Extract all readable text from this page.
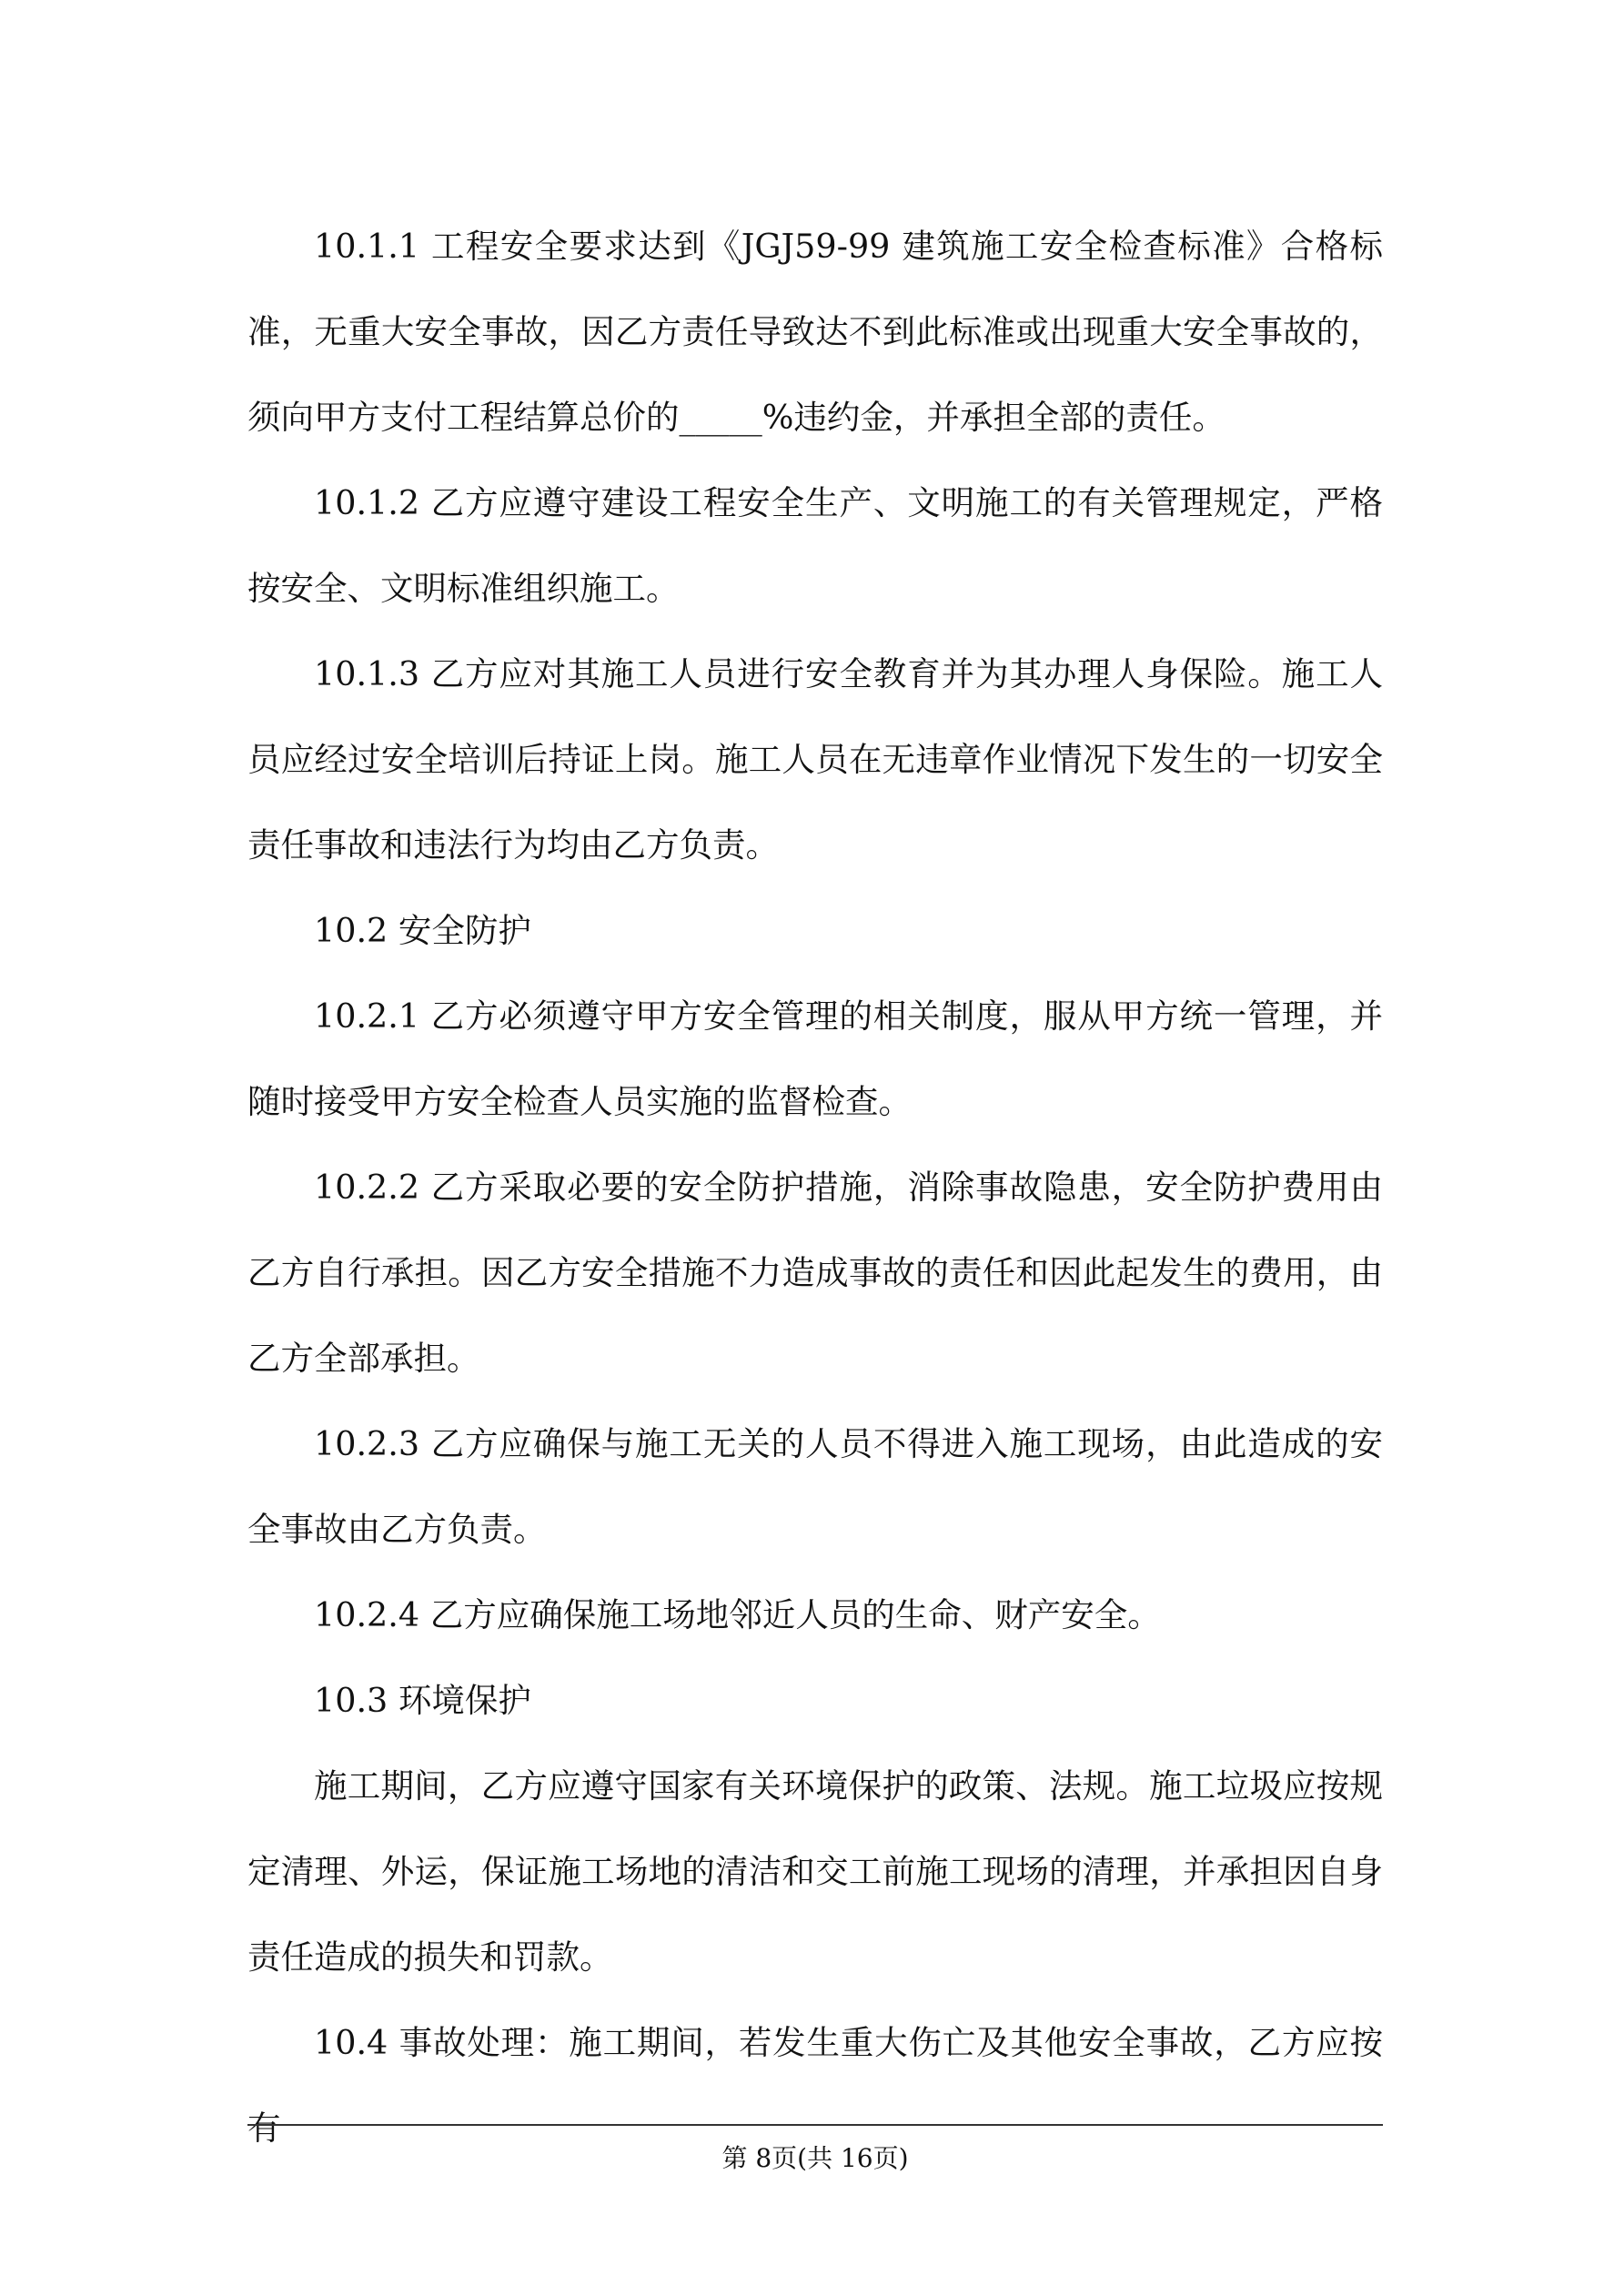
10.1.1 工程安全要求达到《JGJ59-99 建筑施工安全检查标准》合格标准，无重大安全事故，因乙方责任导致达不到此标准或出现重大安全事故的，须向甲方支付工程结算总价的_____%违约金，并承担全部的责任。

10.1.2 乙方应遵守建设工程安全生产、文明施工的有关管理规定，严格按安全、文明标准组织施工。

10.1.3 乙方应对其施工人员进行安全教育并为其办理人身保险。施工人员应经过安全培训后持证上岗。施工人员在无违章作业情况下发生的一切安全责任事故和违法行为均由乙方负责。

10.2 安全防护

10.2.1 乙方必须遵守甲方安全管理的相关制度，服从甲方统一管理，并随时接受甲方安全检查人员实施的监督检查。

10.2.2 乙方采取必要的安全防护措施，消除事故隐患，安全防护费用由乙方自行承担。因乙方安全措施不力造成事故的责任和因此起发生的费用，由乙方全部承担。

10.2.3 乙方应确保与施工无关的人员不得进入施工现场，由此造成的安全事故由乙方负责。

10.2.4 乙方应确保施工场地邻近人员的生命、财产安全。

10.3 环境保护

施工期间，乙方应遵守国家有关环境保护的政策、法规。施工垃圾应按规定清理、外运，保证施工场地的清洁和交工前施工现场的清理，并承担因自身责任造成的损失和罚款。

10.4 事故处理：施工期间，若发生重大伤亡及其他安全事故，乙方应按有

第 8页(共 16页)
